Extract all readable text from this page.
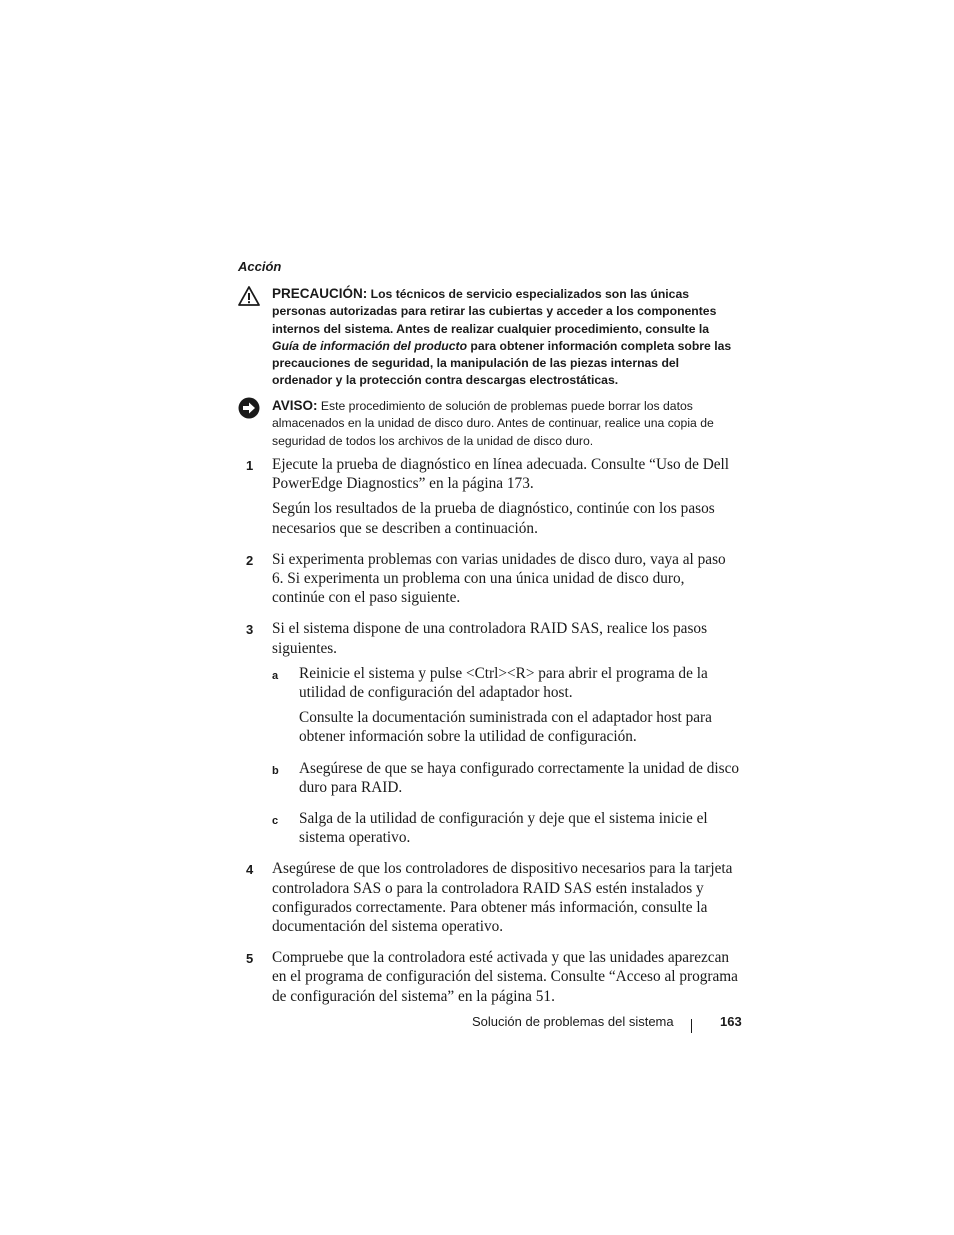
Acción
PRECAUCIÓN: Los técnicos de servicio especializados son las únicas personas autorizadas para retirar las cubiertas y acceder a los componentes internos del sistema. Antes de realizar cualquier procedimiento, consulte la Guía de información del producto para obtener información completa sobre las precauciones de seguridad, la manipulación de las piezas internas del ordenador y la protección contra descargas electrostáticas.
AVISO: Este procedimiento de solución de problemas puede borrar los datos almacenados en la unidad de disco duro. Antes de continuar, realice una copia de seguridad de todos los archivos de la unidad de disco duro.
1 Ejecute la prueba de diagnóstico en línea adecuada. Consulte “Uso de Dell PowerEdge Diagnostics” en la página 173.

Según los resultados de la prueba de diagnóstico, continúe con los pasos necesarios que se describen a continuación.

2 Si experimenta problemas con varias unidades de disco duro, vaya al paso 6. Si experimenta un problema con una única unidad de disco duro, continúe con el paso siguiente.

3 Si el sistema dispone de una controladora RAID SAS, realice los pasos siguientes.

a Reinicie el sistema y pulse <Ctrl><R> para abrir el programa de la utilidad de configuración del adaptador host.

Consulte la documentación suministrada con el adaptador host para obtener información sobre la utilidad de configuración.

b Asegúrese de que se haya configurado correctamente la unidad de disco duro para RAID.

c Salga de la utilidad de configuración y deje que el sistema inicie el sistema operativo.

4 Asegúrese de que los controladores de dispositivo necesarios para la tarjeta controladora SAS o para la controladora RAID SAS estén instalados y configurados correctamente. Para obtener más información, consulte la documentación del sistema operativo.

5 Compruebe que la controladora esté activada y que las unidades aparezcan en el programa de configuración del sistema. Consulte “Acceso al programa de configuración del sistema” en la página 51.

Solución de problemas del sistema	163
